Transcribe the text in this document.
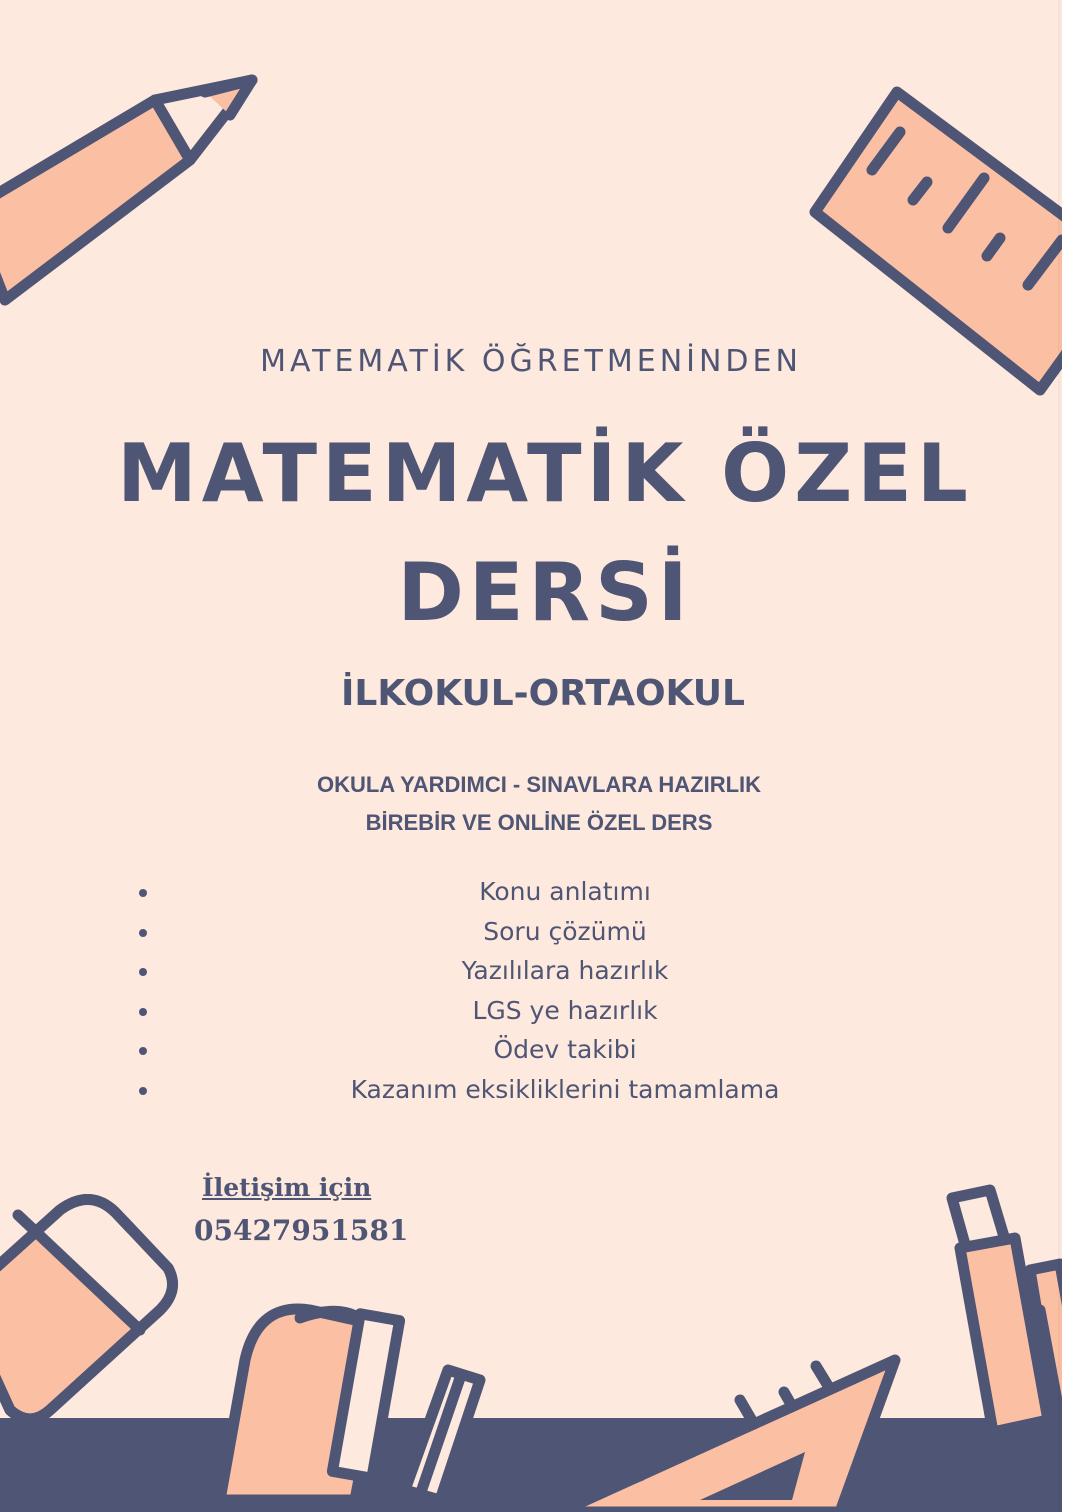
MATEMATİK ÖĞRETMENİNDEN
MATEMATİK ÖZEL
DERSİ
İLKOKUL-ORTAOKUL
OKULA YARDIMCI - SINAVLARA HAZIRLIK
BİREBİR VE ONLİNE ÖZEL DERS
Konu anlatımı
Soru çözümü
Yazılılara hazırlık
LGS ye hazırlık
Ödev takibi
Kazanım eksikliklerini tamamlama
İletişim için
05427951581
